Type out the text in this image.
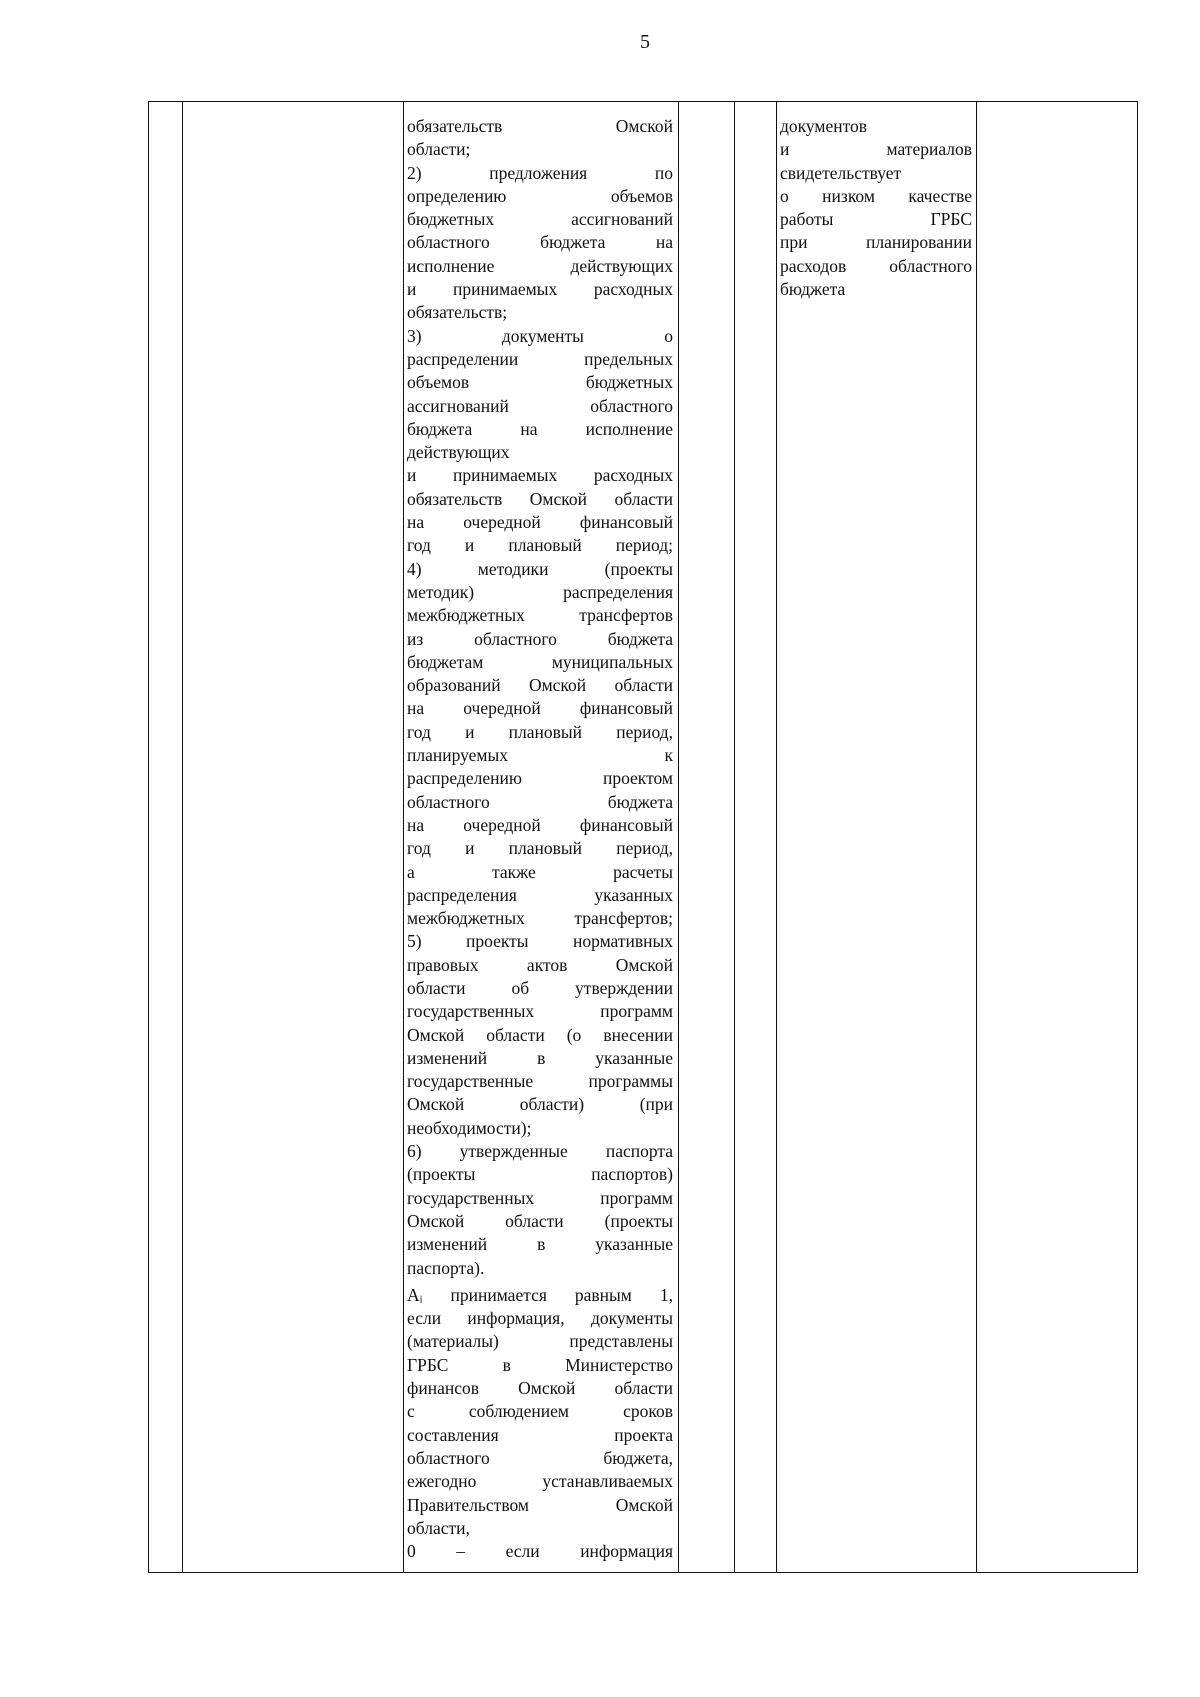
5
обязательств Омской
области;
2) предложения по
определению объемов
бюджетных ассигнований
областного бюджета на
исполнение действующих
и принимаемых расходных
обязательств;
3) документы о
распределении предельных
объемов бюджетных
ассигнований областного
бюджета на исполнение
действующих
и принимаемых расходных
обязательств Омской области
на очередной финансовый
год и плановый период;
4) методики (проекты
методик) распределения
межбюджетных трансфертов
из областного бюджета
бюджетам муниципальных
образований Омской области
на очередной финансовый
год и плановый период,
планируемых к
распределению проектом
областного бюджета
на очередной финансовый
год и плановый период,
а также расчеты
распределения указанных
межбюджетных трансфертов;
5) проекты нормативных
правовых актов Омской
области об утверждении
государственных программ
Омской области (о внесении
изменений в указанные
государственные программы
Омской области) (при
необходимости);
6) утвержденные паспорта
(проекты паспортов)
государственных программ
Омской области (проекты
изменений в указанные
паспорта).
Aᵢ принимается равным 1,
если информация, документы
(материалы) представлены
ГРБС в Министерство
финансов Омской области
с соблюдением сроков
составления проекта
областного бюджета,
ежегодно устанавливаемых
Правительством Омской
области,
0 – если информация
документов
и материалов
свидетельствует
о низком качестве
работы ГРБС
при планировании
расходов областного
бюджета
